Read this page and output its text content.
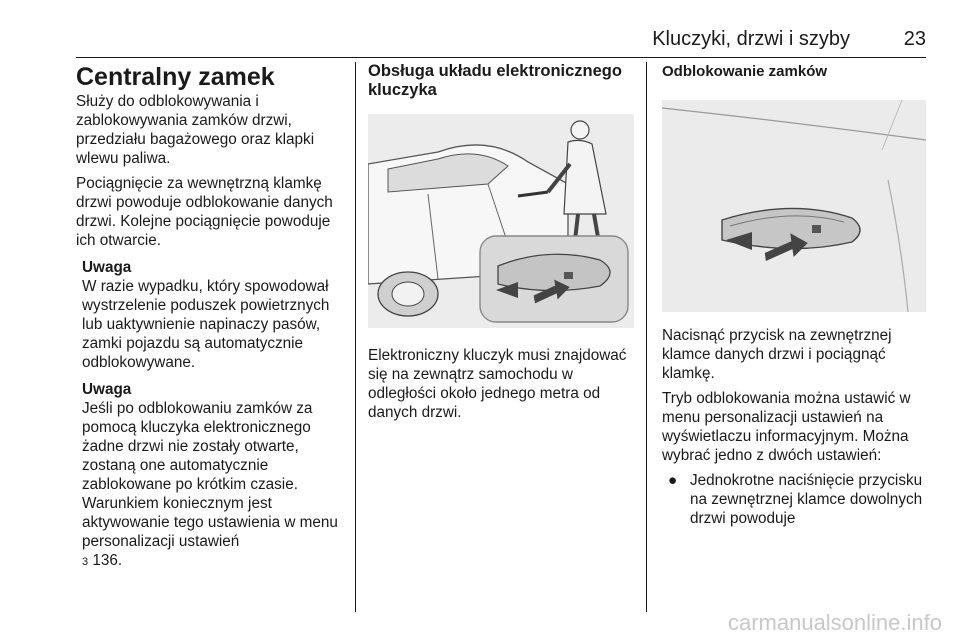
Kluczyki, drzwi i szyby	23
Centralny zamek

Służy do odblokowywania i zablokowywania zamków drzwi, przedziału bagażowego oraz klapki wlewu paliwa.

Pociągnięcie za wewnętrzną klamkę drzwi powoduje odblokowanie danych drzwi. Kolejne pociągnięcie powoduje ich otwarcie.

Uwaga

W razie wypadku, który spowodował wystrzelenie poduszek powietrznych lub uaktywnienie napinaczy pasów, zamki pojazdu są automatycznie odblokowywane.

Uwaga

Jeśli po odblokowaniu zamków za pomocą kluczyka elektronicznego żadne drzwi nie zostały otwarte, zostaną one automatycznie zablokowane po krótkim czasie. Warunkiem koniecznym jest aktywowanie tego ustawienia w menu personalizacji ustawień
3 136.

Obsługa układu elektronicznego kluczyka

Elektroniczny kluczyk musi znajdować się na zewnątrz samochodu w odległości około jednego metra od danych drzwi.

Odblokowanie zamków

Nacisnąć przycisk na zewnętrznej klamce danych drzwi i pociągnąć klamkę.

Tryb odblokowania można ustawić w menu personalizacji ustawień na wyświetlaczu informacyjnym. Można wybrać jedno z dwóch ustawień:

● Jednokrotne naciśnięcie przycisku na zewnętrznej klamce dowolnych drzwi powoduje
carmanualsonline.info
